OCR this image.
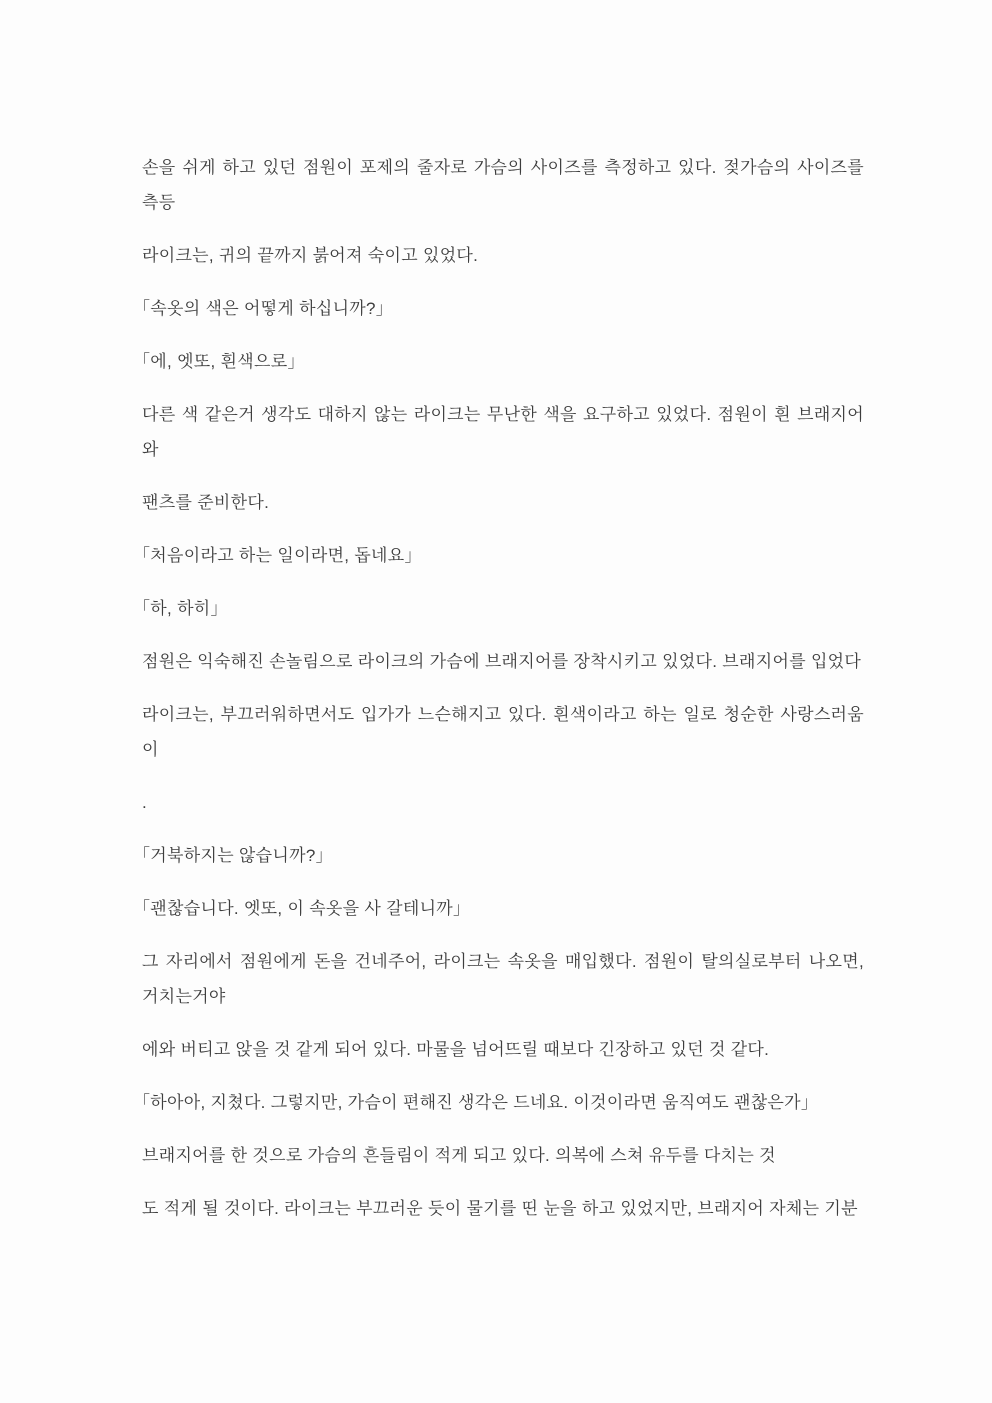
손을 쉬게 하고 있던 점원이 포제의 줄자로 가슴의 사이즈를 측정하고 있다. 젖가슴의 사이즈를 측등

라이크는, 귀의 끝까지 붉어져 숙이고 있었다.

「속옷의 색은 어떻게 하십니까?」

「에, 엣또, 흰색으로」

다른 색 같은거 생각도 대하지 않는 라이크는 무난한 색을 요구하고 있었다. 점원이 흰 브래지어와

팬츠를 준비한다.

「처음이라고 하는 일이라면, 돕네요」

「하, 하히」

점원은 익숙해진 손놀림으로 라이크의 가슴에 브래지어를 장착시키고 있었다. 브래지어를 입었다

라이크는, 부끄러워하면서도 입가가 느슨해지고 있다. 흰색이라고 하는 일로 청순한 사랑스러움이

.

「거북하지는 않습니까?」

「괜찮습니다. 엣또, 이 속옷을 사 갈테니까」

그 자리에서 점원에게 돈을 건네주어, 라이크는 속옷을 매입했다. 점원이 탈의실로부터 나오면, 거치는거야

에와 버티고 앉을 것 같게 되어 있다. 마물을 넘어뜨릴 때보다 긴장하고 있던 것 같다.

「하아아, 지쳤다. 그렇지만, 가슴이 편해진 생각은 드네요. 이것이라면 움직여도 괜찮은가」

브래지어를 한 것으로 가슴의 흔들림이 적게 되고 있다. 의복에 스쳐 유두를 다치는 것

도 적게 될 것이다. 라이크는 부끄러운 듯이 물기를 띤 눈을 하고 있었지만, 브래지어 자체는 기분
